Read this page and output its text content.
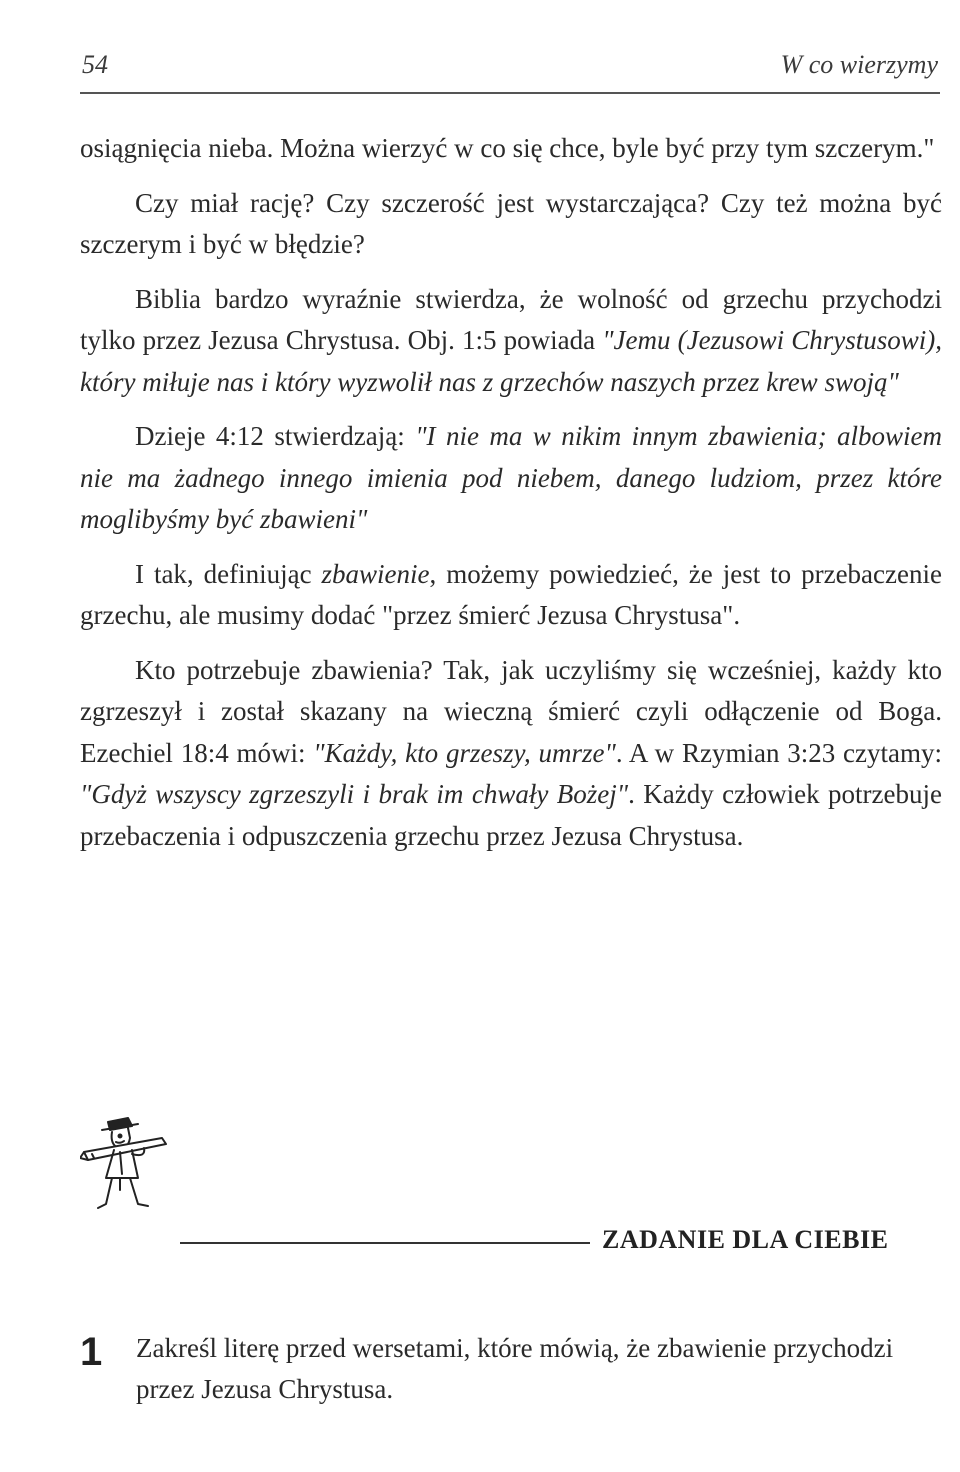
54	W co wierzymy

osiągnięcia nieba. Można wierzyć w co się chce, byle być przy tym szczerym."

Czy miał rację? Czy szczerość jest wystarczająca? Czy też można być szczerym i być w błędzie?

Biblia bardzo wyraźnie stwierdza, że wolność od grzechu przychodzi tylko przez Jezusa Chrystusa. Obj. 1:5 powiada "Jemu (Jezusowi Chrystusowi), który miłuje nas i który wyzwolił nas z grzechów naszych przez krew swoją"

Dzieje 4:12 stwierdzają: "I nie ma w nikim innym zbawienia; albowiem nie ma żadnego innego imienia pod niebem, danego ludziom, przez które moglibyśmy być zbawieni"

I tak, definiując zbawienie, możemy powiedzieć, że jest to przebaczenie grzechu, ale musimy dodać "przez śmierć Jezusa Chrystusa".

Kto potrzebuje zbawienia? Tak, jak uczyliśmy się wcześniej, każdy kto zgrzeszył i został skazany na wieczną śmierć czyli odłączenie od Boga. Ezechiel 18:4 mówi: "Każdy, kto grzeszy, umrze". A w Rzymian 3:23 czytamy: "Gdyż wszyscy zgrzeszyli i brak im chwały Bożej". Każdy człowiek potrzebuje przebaczenia i odpuszczenia grzechu przez Jezusa Chrystusa.

ZADANIE DLA CIEBIE
1 Zakreśl literę przed wersetami, które mówią, że zbawienie przychodzi przez Jezusa Chrystusa.
